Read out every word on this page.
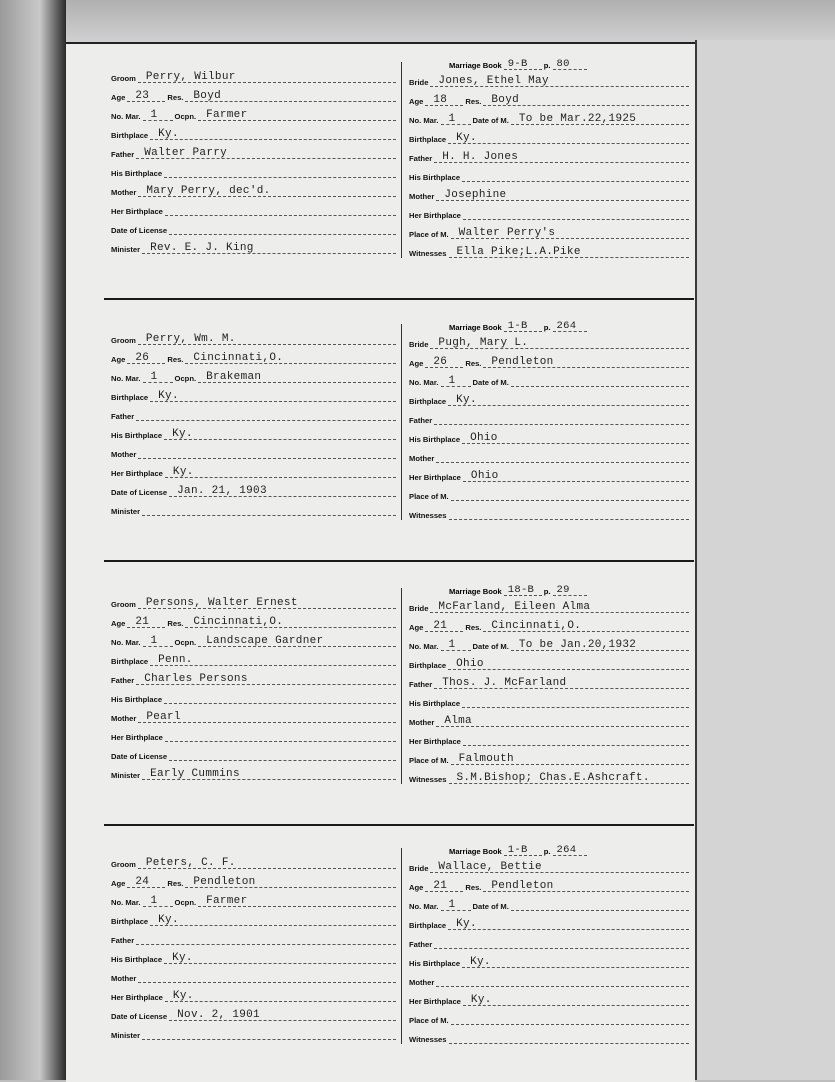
Groom Perry, Wilbur
Age 23 Res. Boyd
No. Mar. 1 Ocpn. Farmer
Birthplace Ky.
Father Walter Parry
His Birthplace
Mother Mary Perry, dec'd.
Her Birthplace
Date of License
Minister Rev. E. J. King
Marriage Book 9-B p. 80
Bride Jones, Ethel May
Age 18 Res. Boyd
No. Mar. 1 Date of M. To be Mar.22,1925
Birthplace Ky.
Father H. H. Jones
His Birthplace
Mother Josephine
Her Birthplace
Place of M. Walter Perry's
Witnesses Ella Pike;L.A.Pike
Groom Perry, Wm. M.
Age 26 Res. Cincinnati,O.
No. Mar. 1 Ocpn. Brakeman
Birthplace Ky.
Father
His Birthplace Ky.
Mother
Her Birthplace Ky.
Date of License Jan. 21, 1903
Minister
Marriage Book 1-B p. 264
Bride Pugh, Mary L.
Age 26 Res. Pendleton
No. Mar. 1 Date of M.
Birthplace Ky.
Father
His Birthplace Ohio
Mother
Her Birthplace Ohio
Place of M.
Witnesses
Groom Persons, Walter Ernest
Age 21 Res. Cincinnati,O.
No. Mar. 1 Ocpn. Landscape Gardner
Birthplace Penn.
Father Charles Persons
His Birthplace
Mother Pearl
Her Birthplace
Date of License
Minister Early Cummins
Marriage Book 18-B p. 29
Bride McFarland, Eileen Alma
Age 21 Res. Cincinnati,O.
No. Mar. 1 Date of M. To be Jan.20,1932
Birthplace Ohio
Father Thos. J. McFarland
His Birthplace
Mother Alma
Her Birthplace
Place of M. Falmouth
Witnesses S.M.Bishop; Chas.E.Ashcraft.
Groom Peters, C. F.
Age 24 Res. Pendleton
No. Mar. 1 Ocpn. Farmer
Birthplace Ky.
Father
His Birthplace Ky.
Mother
Her Birthplace Ky.
Date of License Nov. 2, 1901
Minister
Marriage Book 1-B p. 264
Bride Wallace, Bettie
Age 21 Res. Pendleton
No. Mar. 1 Date of M.
Birthplace Ky.
Father
His Birthplace Ky.
Mother
Her Birthplace Ky.
Place of M.
Witnesses
